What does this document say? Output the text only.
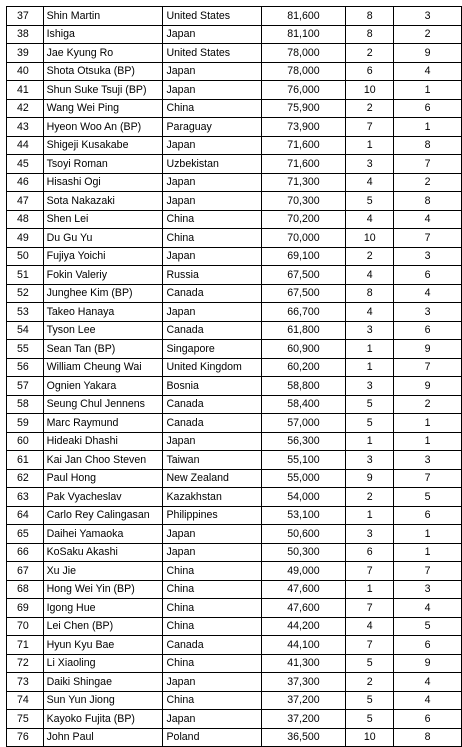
37	Shin Martin	United States	81,600	8	3
38	Ishiga	Japan	81,100	8	2
39	Jae Kyung Ro	United States	78,000	2	9
40	Shota Otsuka (BP)	Japan	78,000	6	4
41	Shun Suke Tsuji (BP)	Japan	76,000	10	1
42	Wang Wei Ping	China	75,900	2	6
43	Hyeon Woo An (BP)	Paraguay	73,900	7	1
44	Shigeji Kusakabe	Japan	71,600	1	8
45	Tsoyi Roman	Uzbekistan	71,600	3	7
46	Hisashi Ogi	Japan	71,300	4	2
47	Sota Nakazaki	Japan	70,300	5	8
48	Shen Lei	China	70,200	4	4
49	Du Gu Yu	China	70,000	10	7
50	Fujiya Yoichi	Japan	69,100	2	3
51	Fokin Valeriy	Russia	67,500	4	6
52	Junghee Kim (BP)	Canada	67,500	8	4
53	Takeo Hanaya	Japan	66,700	4	3
54	Tyson Lee	Canada	61,800	3	6
55	Sean Tan (BP)	Singapore	60,900	1	9
56	William Cheung Wai	United Kingdom	60,200	1	7
57	Ognien Yakara	Bosnia	58,800	3	9
58	Seung Chul Jennens	Canada	58,400	5	2
59	Marc Raymund	Canada	57,000	5	1
60	Hideaki Dhashi	Japan	56,300	1	1
61	Kai Jan Choo Steven	Taiwan	55,100	3	3
62	Paul Hong	New Zealand	55,000	9	7
63	Pak Vyacheslav	Kazakhstan	54,000	2	5
64	Carlo Rey Calingasan	Philippines	53,100	1	6
65	Daihei Yamaoka	Japan	50,600	3	1
66	KoSaku Akashi	Japan	50,300	6	1
67	Xu Jie	China	49,000	7	7
68	Hong Wei Yin (BP)	China	47,600	1	3
69	Igong Hue	China	47,600	7	4
70	Lei Chen (BP)	China	44,200	4	5
71	Hyun Kyu Bae	Canada	44,100	7	6
72	Li Xiaoling	China	41,300	5	9
73	Daiki Shingae	Japan	37,300	2	4
74	Sun Yun Jiong	China	37,200	5	4
75	Kayoko Fujita (BP)	Japan	37,200	5	6
76	John Paul	Poland	36,500	10	8
